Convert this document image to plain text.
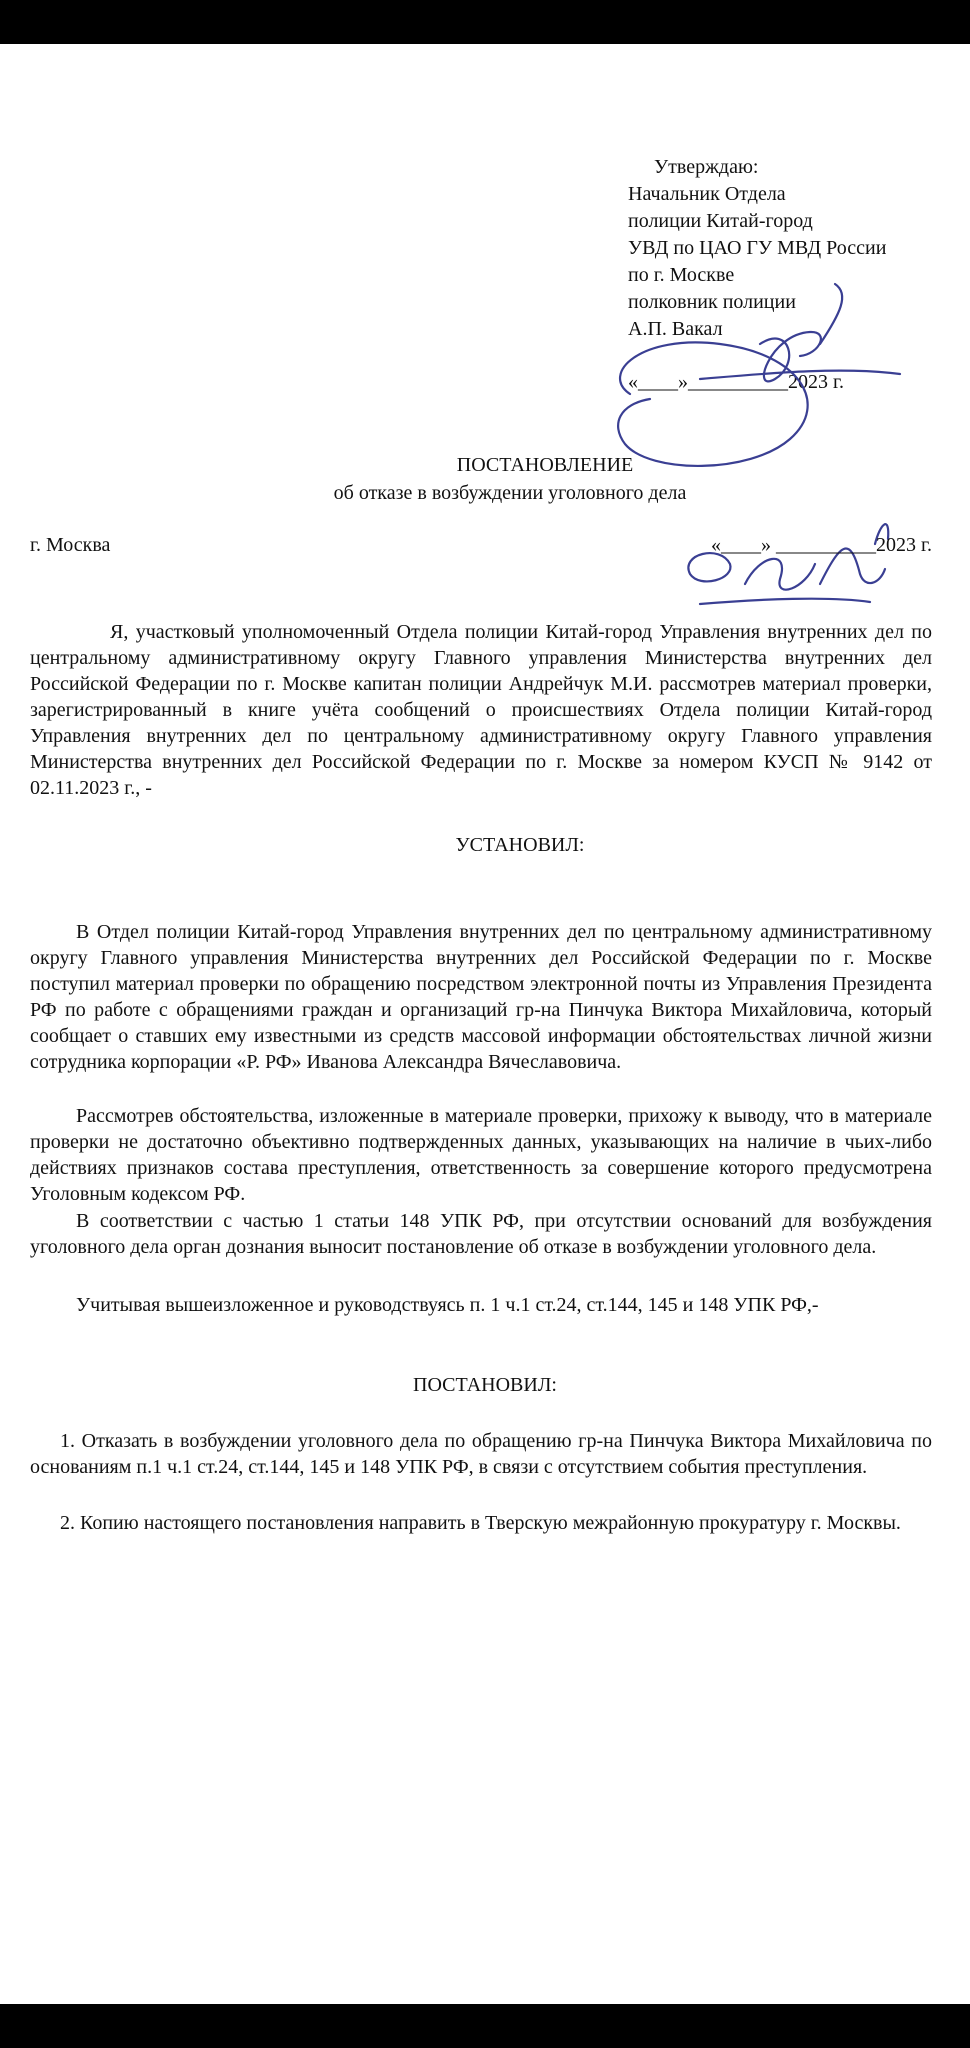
Утверждаю:
Начальник Отдела
полиции Китай-город
УВД по ЦАО ГУ МВД России
по г. Москве
полковник полиции
А.П. Вакал
«____»__________2023 г.
ПОСТАНОВЛЕНИЕ
об отказе в возбуждении уголовного дела
г. Москва	«____» __________2023 г.
Я, участковый уполномоченный Отдела полиции Китай-город Управления внутренних дел по центральному административному округу Главного управления Министерства внутренних дел Российской Федерации по г. Москве капитан полиции Андрейчук М.И. рассмотрев материал проверки, зарегистрированный в книге учёта сообщений о происшествиях Отдела полиции Китай-город Управления внутренних дел по центральному административному округу Главного управления Министерства внутренних дел Российской Федерации по г. Москве за номером КУСП № 9142 от 02.11.2023 г., -
УСТАНОВИЛ:
В Отдел полиции Китай-город Управления внутренних дел по центральному административному округу Главного управления Министерства внутренних дел Российской Федерации по г. Москве поступил материал проверки по обращению посредством электронной почты из Управления Президента РФ по работе с обращениями граждан и организаций гр-на Пинчука Виктора Михайловича, который сообщает о ставших ему известными из средств массовой информации обстоятельствах личной жизни сотрудника корпорации «Р. РФ» Иванова Александра Вячеславовича.
Рассмотрев обстоятельства, изложенные в материале проверки, прихожу к выводу, что в материале проверки не достаточно объективно подтвержденных данных, указывающих на наличие в чьих-либо действиях признаков состава преступления, ответственность за совершение которого предусмотрена Уголовным кодексом РФ.
В соответствии с частью 1 статьи 148 УПК РФ, при отсутствии оснований для возбуждения уголовного дела орган дознания выносит постановление об отказе в возбуждении уголовного дела.
Учитывая вышеизложенное и руководствуясь п. 1 ч.1 ст.24, ст.144, 145 и 148 УПК РФ,-
ПОСТАНОВИЛ:
1. Отказать в возбуждении уголовного дела по обращению гр-на Пинчука Виктора Михайловича по основаниям п.1 ч.1 ст.24, ст.144, 145 и 148 УПК РФ, в связи с отсутствием события преступления.
2. Копию настоящего постановления направить в Тверскую межрайонную прокуратуру г. Москвы.
